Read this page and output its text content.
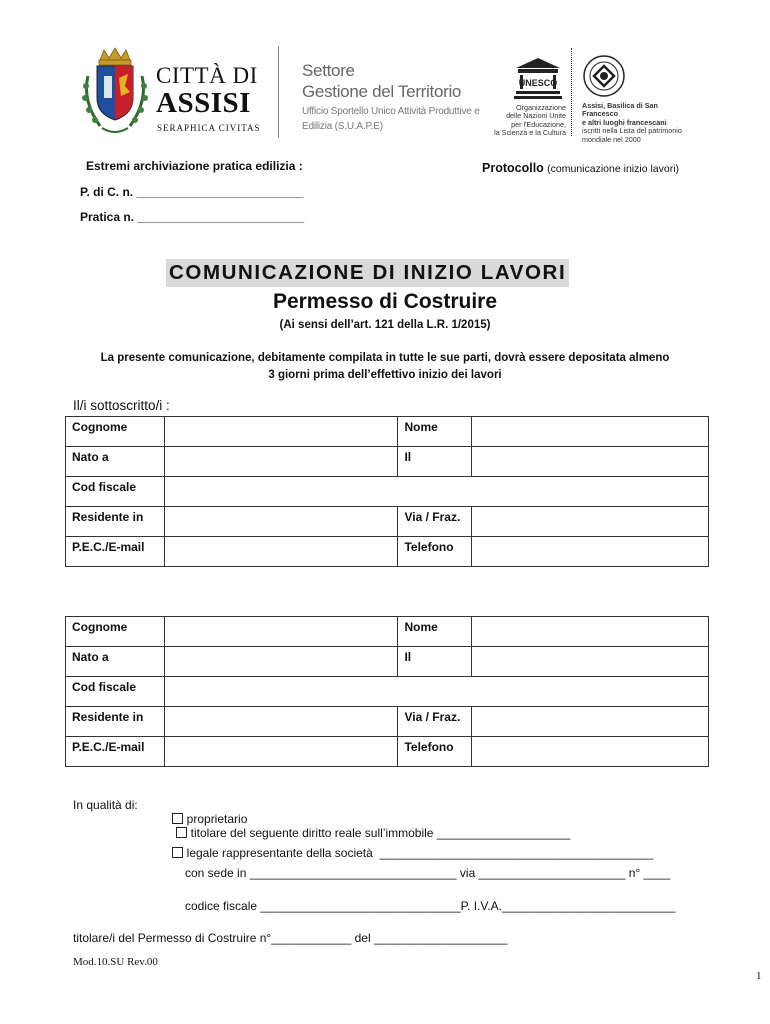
CITTÀ DI
ASSISI
SERAPHICA CIVITAS
Settore
Gestione del Territorio
Ufficio Sportello Unico Attività Produttive e
Edilizia (S.U.A.P.E)
UNESCO
Organizzazione
delle Nazioni Unite
per l'Educazione,
la Scienza e la Cultura
Assisi, Basilica di San Francesco
e altri luoghi francescani
iscritti nella Lista del patrimonio
mondiale nel 2000
Estremi archiviazione pratica edilizia :	Protocollo (comunicazione inizio lavori)
P. di C. n. _________________________
Pratica n. _________________________
COMUNICAZIONE DI INIZIO LAVORI
Permesso di Costruire
(Ai sensi dell’art. 121 della L.R. 1/2015)
La presente comunicazione, debitamente compilata in tutte le sue parti, dovrà essere depositata almeno
3 giorni prima dell’effettivo inizio dei lavori
Il/i sottoscritto/i :
Cognome		Nome	
Nato a		Il	
Cod fiscale			
Residente in		Via / Fraz.	
P.E.C./E-mail		Telefono	
Cognome		Nome	
Nato a		Il	
Cod fiscale			
Residente in		Via / Fraz.	
P.E.C./E-mail		Telefono	
In qualità di:

proprietario
titolare del seguente diritto reale sull’immobile ____________________

legale rappresentante della società  _________________________________________

con sede in _______________________________ via ______________________ n° ____
codice fiscale ______________________________P. I.V.A.__________________________
titolare/i del Permesso di Costruire n°____________ del ____________________
Mod.10.SU Rev.00
1
